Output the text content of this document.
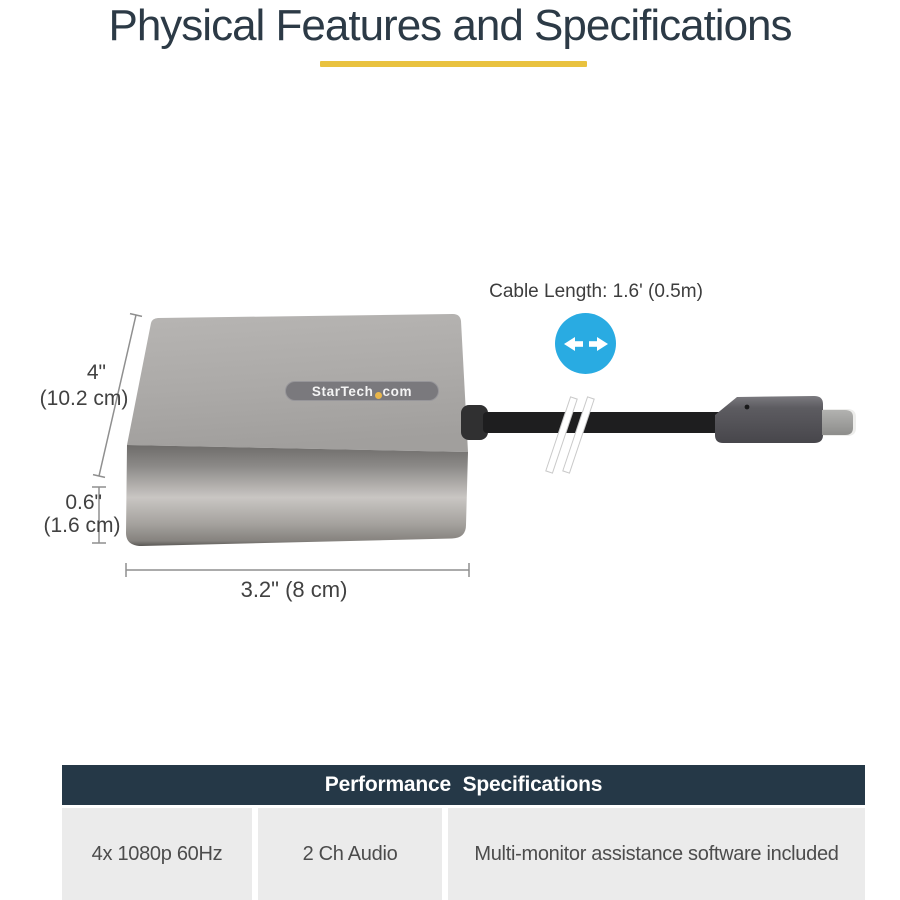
Physical Features and Specifications
StarTech com
4"
(10.2 cm)
0.6"
(1.6 cm)
3.2" (8 cm)
Cable Length: 1.6' (0.5m)
Performance Specifications
4x 1080p 60Hz	2 Ch Audio	Multi-monitor assistance software included
